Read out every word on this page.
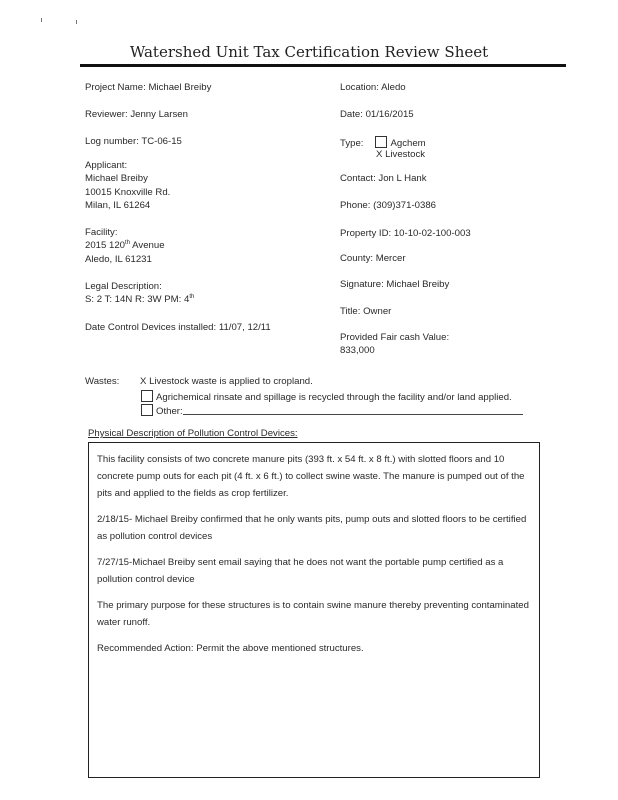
Watershed Unit Tax Certification Review Sheet
Project Name: Michael Breiby
Reviewer: Jenny Larsen
Log number: TC-06-15
Applicant:
Michael Breiby
10015 Knoxville Rd.
Milan, IL 61264
Facility:
2015 120th Avenue
Aledo, IL 61231
Legal Description:
S: 2 T: 14N R: 3W PM: 4th
Date Control Devices installed: 11/07, 12/11
Location: Aledo
Date: 01/16/2015
Type:	Agchem
X Livestock
Contact: Jon L Hank
Phone: (309)371-0386
Property ID: 10-10-02-100-003
County: Mercer
Signature: Michael Breiby
Title: Owner
Provided Fair cash Value:
833,000
Wastes: X Livestock waste is applied to cropland.
Agrichemical rinsate and spillage is recycled through the facility and/or land applied.
Other:
Physical Description of Pollution Control Devices:

This facility consists of two concrete manure pits (393 ft. x 54 ft. x 8 ft.) with slotted floors and 10 concrete pump outs for each pit (4 ft. x 6 ft.) to collect swine waste. The manure is pumped out of the pits and applied to the fields as crop fertilizer.

2/18/15- Michael Breiby confirmed that he only wants pits, pump outs and slotted floors to be certified as pollution control devices

7/27/15-Michael Breiby sent email saying that he does not want the portable pump certified as a pollution control device

The primary purpose for these structures is to contain swine manure thereby preventing contaminated water runoff.

Recommended Action: Permit the above mentioned structures.
